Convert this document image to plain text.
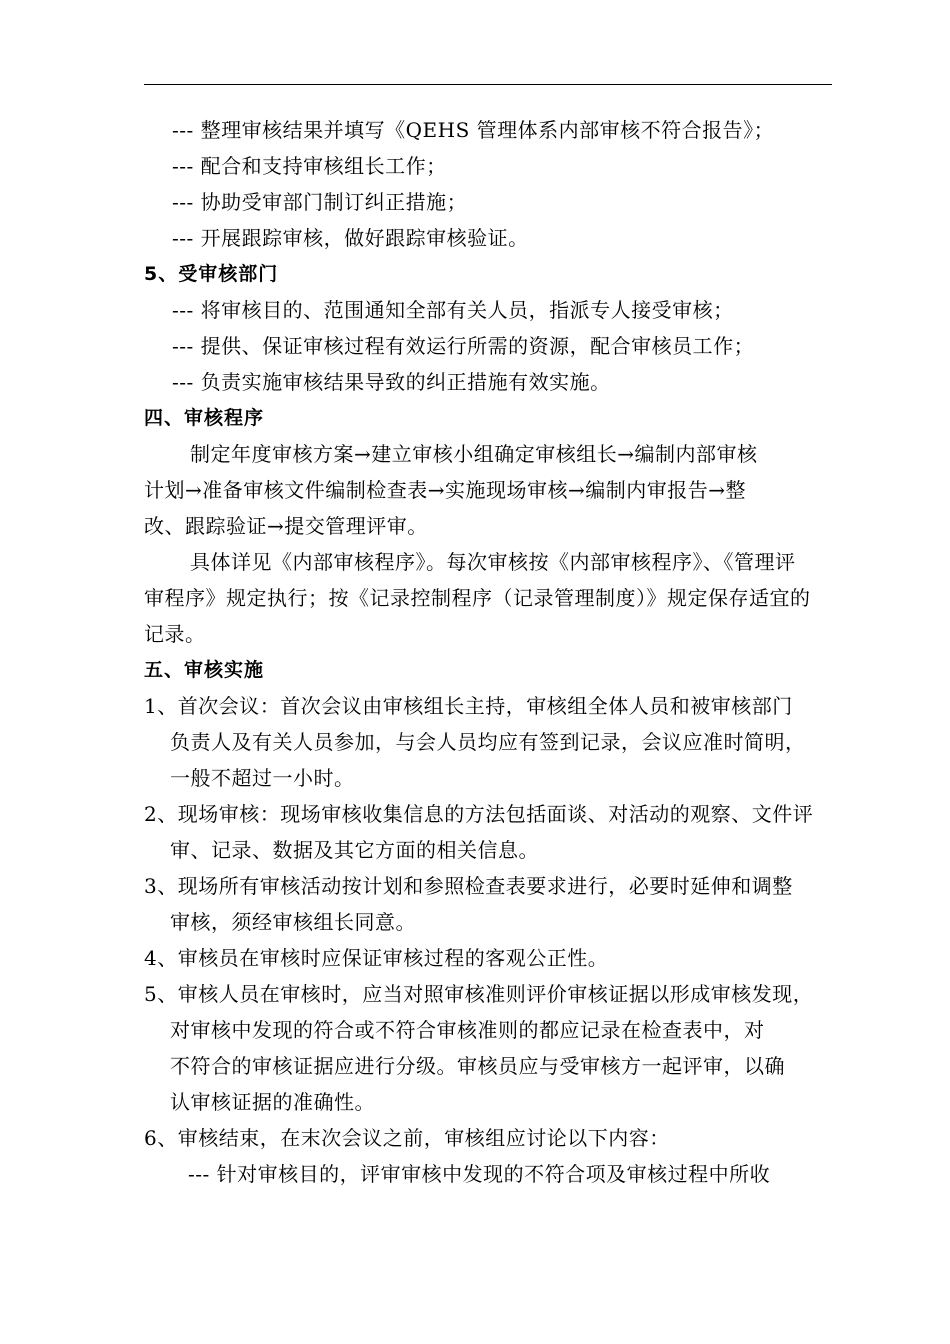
--- 整理审核结果并填写《QEHS 管理体系内部审核不符合报告》；
--- 配合和支持审核组长工作；
--- 协助受审部门制订纠正措施；
--- 开展跟踪审核，做好跟踪审核验证。
5、受审核部门
--- 将审核目的、范围通知全部有关人员，指派专人接受审核；
--- 提供、保证审核过程有效运行所需的资源，配合审核员工作；
--- 负责实施审核结果导致的纠正措施有效实施。
四、审核程序
制定年度审核方案→建立审核小组确定审核组长→编制内部审核
计划→准备审核文件编制检查表→实施现场审核→编制内审报告→整
改、跟踪验证→提交管理评审。
具体详见《内部审核程序》。每次审核按《内部审核程序》、《管理评
审程序》规定执行；按《记录控制程序（记录管理制度）》规定保存适宜的
记录。
五、审核实施
1、首次会议：首次会议由审核组长主持，审核组全体人员和被审核部门
负责人及有关人员参加，与会人员均应有签到记录，会议应准时简明，
一般不超过一小时。
2、现场审核：现场审核收集信息的方法包括面谈、对活动的观察、文件评
审、记录、数据及其它方面的相关信息。
3、现场所有审核活动按计划和参照检查表要求进行，必要时延伸和调整
审核，须经审核组长同意。
4、审核员在审核时应保证审核过程的客观公正性。
5、审核人员在审核时，应当对照审核准则评价审核证据以形成审核发现，
对审核中发现的符合或不符合审核准则的都应记录在检查表中，对
不符合的审核证据应进行分级。审核员应与受审核方一起评审，以确
认审核证据的准确性。
6、审核结束，在末次会议之前，审核组应讨论以下内容：
--- 针对审核目的，评审审核中发现的不符合项及审核过程中所收
